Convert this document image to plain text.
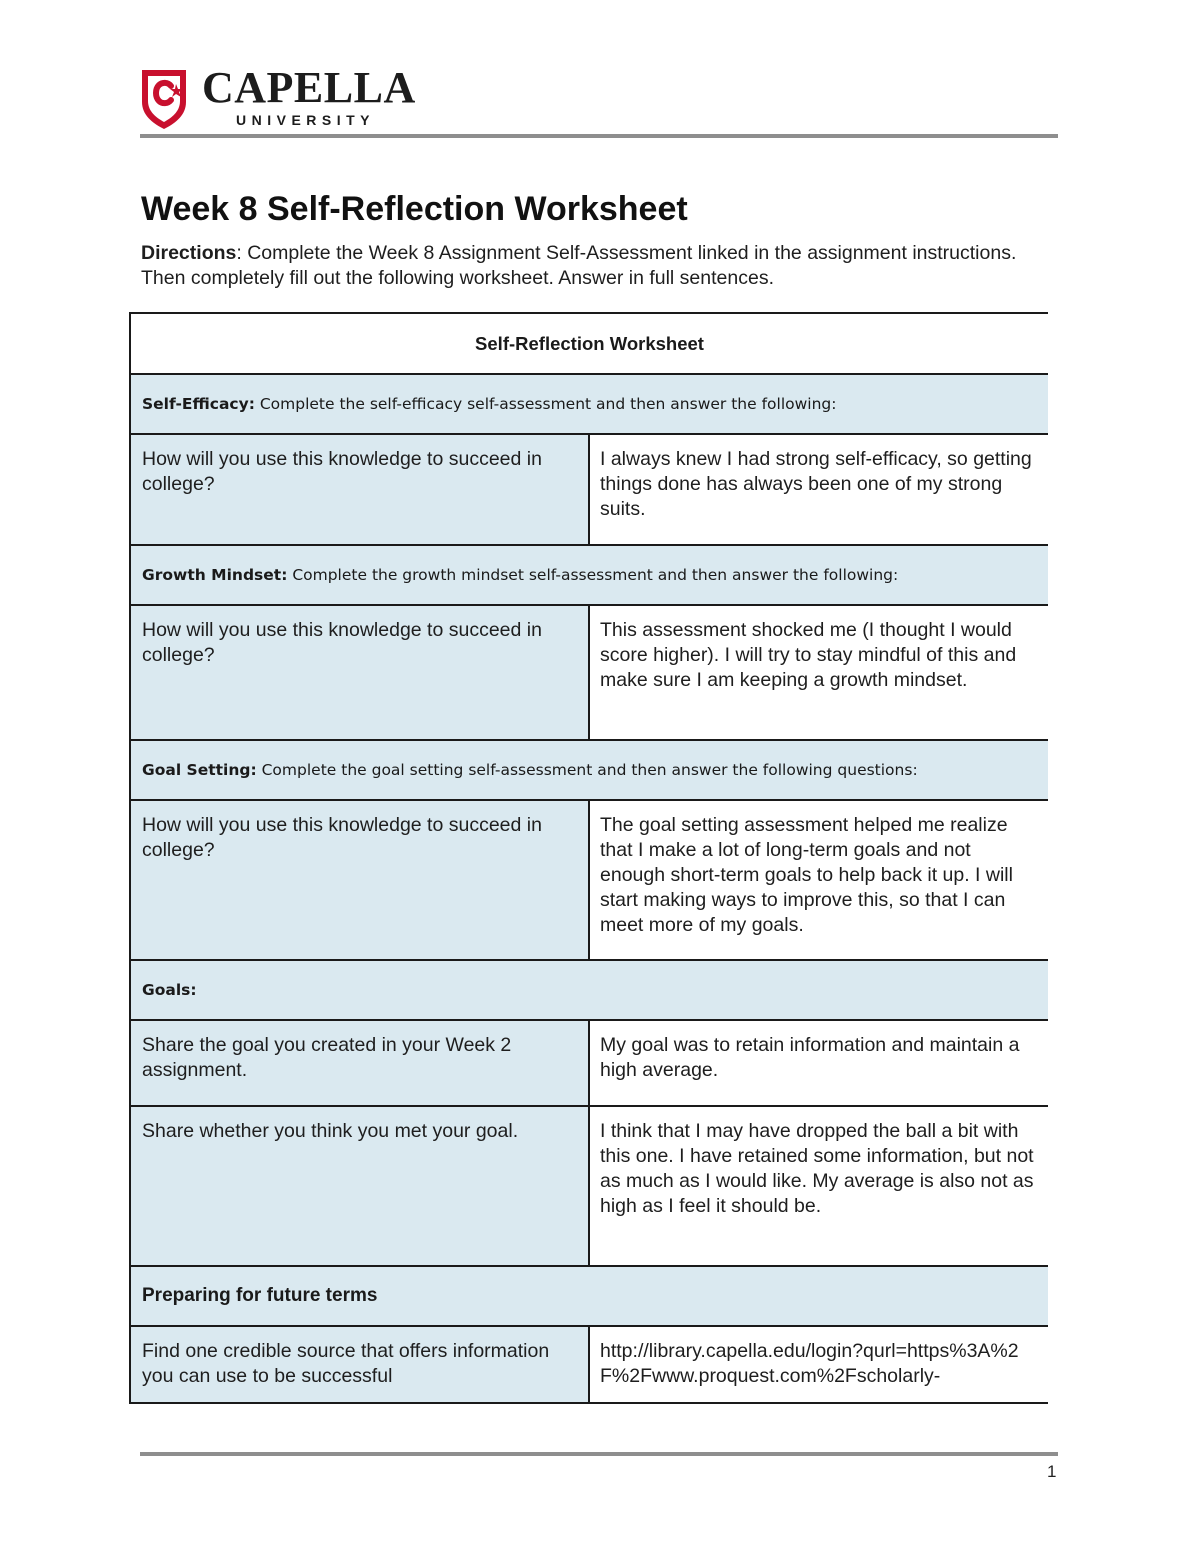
CAPELLA
UNIVERSITY
Week 8 Self-Reflection Worksheet
Directions: Complete the Week 8 Assignment Self-Assessment linked in the assignment instructions. Then completely fill out the following worksheet. Answer in full sentences.
Self-Reflection Worksheet	
Self-Efficacy: Complete the self-efficacy self-assessment and then answer the following:	
How will you use this knowledge to succeed in college?	I always knew I had strong self-efficacy, so getting things done has always been one of my strong suits.
Growth Mindset: Complete the growth mindset self-assessment and then answer the following:	
How will you use this knowledge to succeed in college?	This assessment shocked me (I thought I would score higher). I will try to stay mindful of this and make sure I am keeping a growth mindset.
Goal Setting: Complete the goal setting self-assessment and then answer the following questions:	
How will you use this knowledge to succeed in college?	The goal setting assessment helped me realize that I make a lot of long-term goals and not enough short-term goals to help back it up. I will start making ways to improve this, so that I can meet more of my goals.
Goals:	
Share the goal you created in your Week 2 assignment.	My goal was to retain information and maintain a high average.
Share whether you think you met your goal.	I think that I may have dropped the ball a bit with this one. I have retained some information, but not as much as I would like. My average is also not as high as I feel it should be.
Preparing for future terms	
Find one credible source that offers information you can use to be successful	http://library.capella.edu/login?qurl=https%3A%2F%2Fwww.proquest.com%2Fscholarly-
1
